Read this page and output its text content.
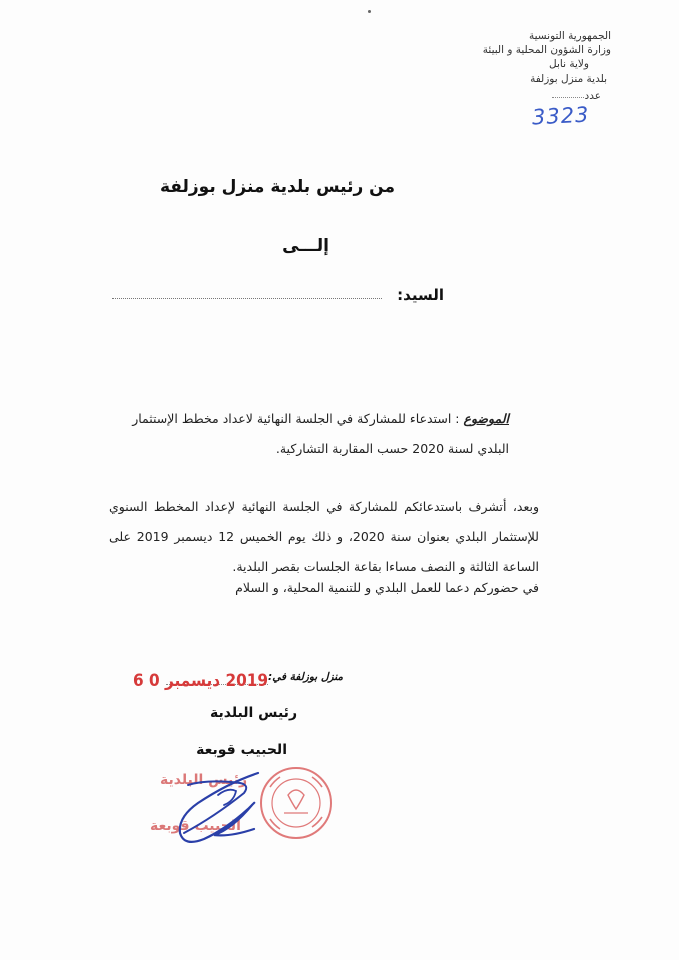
الجمهورية التونسية
وزارة الشؤون المحلية و البيئة
ولاية نابل
بلدية منزل بوزلفة
عدد
3323
من رئيس بلدية منزل بوزلفة
إلـــى
السيد:
الموضوع : استدعاء للمشاركة في الجلسة النهائية لاعداد مخطط الإستثمار البلدي لسنة 2020 حسب المقاربة التشاركية.
وبعد، أتشرف باستدعائكم للمشاركة في الجلسة النهائية لإعداد المخطط السنوي للإستثمار البلدي بعنوان سنة 2020، و ذلك يوم الخميس 12 ديسمبر 2019 على الساعة الثالثة و النصف مساءا بقاعة الجلسات بقصر البلدية.
في حضوركم دعما للعمل البلدي و للتنمية المحلية، و السلام
منزل بوزلفة في:
2019 ديسمبر 0 6
رئيس البلدية
الحبيب قوبعة
رئيس البلدية
الحبيب قوبعة
